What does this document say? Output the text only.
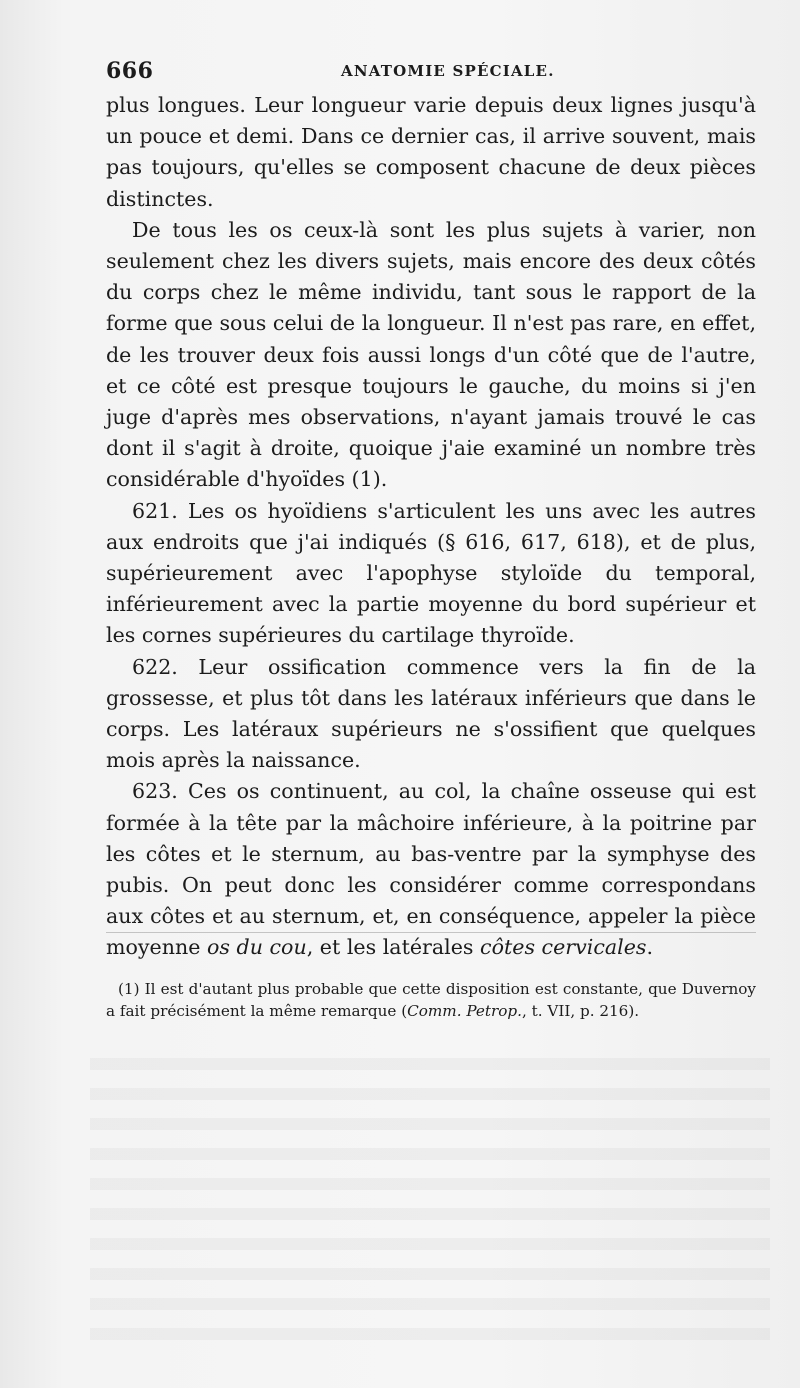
666	ANATOMIE SPÉCIALE.

plus longues. Leur longueur varie depuis deux lignes jusqu'à un pouce et demi. Dans ce dernier cas, il arrive souvent, mais pas toujours, qu'elles se composent chacune de deux pièces distinctes.

De tous les os ceux-là sont les plus sujets à varier, non seulement chez les divers sujets, mais encore des deux côtés du corps chez le même individu, tant sous le rapport de la forme que sous celui de la longueur. Il n'est pas rare, en effet, de les trouver deux fois aussi longs d'un côté que de l'autre, et ce côté est presque toujours le gauche, du moins si j'en juge d'après mes observations, n'ayant jamais trouvé le cas dont il s'agit à droite, quoique j'aie examiné un nombre très considérable d'hyoïdes (1).

621. Les os hyoïdiens s'articulent les uns avec les autres aux endroits que j'ai indiqués (§ 616, 617, 618), et de plus, supérieurement avec l'apophyse styloïde du temporal, inférieurement avec la partie moyenne du bord supérieur et les cornes supérieures du cartilage thyroïde.

622. Leur ossification commence vers la fin de la grossesse, et plus tôt dans les latéraux inférieurs que dans le corps. Les latéraux supérieurs ne s'ossifient que quelques mois après la naissance.

623. Ces os continuent, au col, la chaîne osseuse qui est formée à la tête par la mâchoire inférieure, à la poitrine par les côtes et le sternum, au bas-ventre par la symphyse des pubis. On peut donc les considérer comme correspondans aux côtes et au sternum, et, en conséquence, appeler la pièce moyenne os du cou, et les latérales côtes cervicales.

(1) Il est d'autant plus probable que cette disposition est constante, que Duvernoy a fait précisément la même remarque (Comm. Petrop., t. VII, p. 216).
